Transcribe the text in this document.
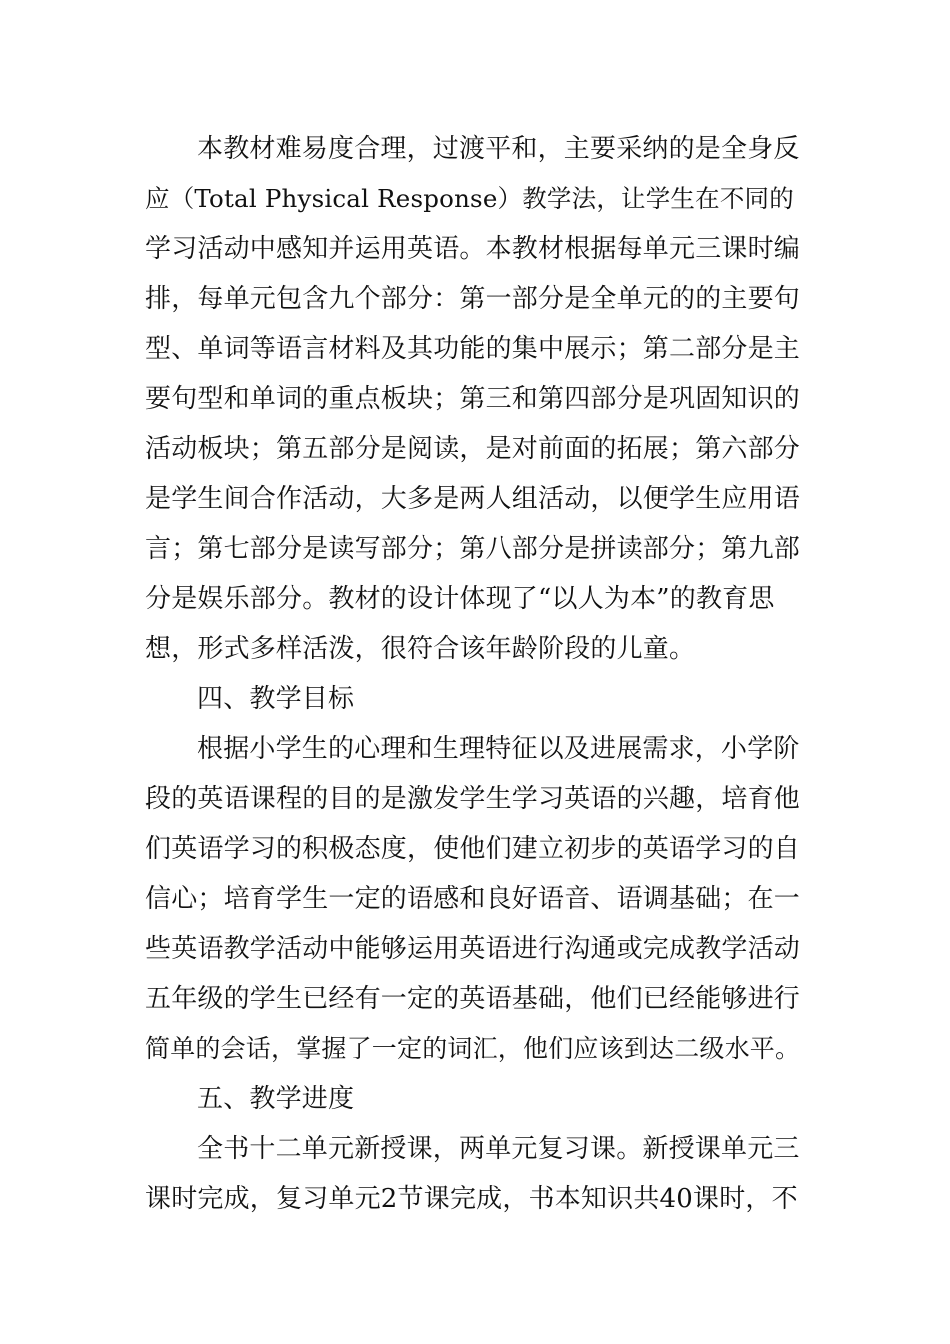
本教材难易度合理，过渡平和，主要采纳的是全身反
应（Total Physical Response）教学法，让学生在不同的
学习活动中感知并运用英语。本教材根据每单元三课时编
排，每单元包含九个部分：第一部分是全单元的的主要句
型、单词等语言材料及其功能的集中展示；第二部分是主
要句型和单词的重点板块；第三和第四部分是巩固知识的
活动板块；第五部分是阅读，是对前面的拓展；第六部分
是学生间合作活动，大多是两人组活动，以便学生应用语
言；第七部分是读写部分；第八部分是拼读部分；第九部
分是娱乐部分。教材的设计体现了“以人为本”的教育思
想，形式多样活泼，很符合该年龄阶段的儿童。
四、教学目标
根据小学生的心理和生理特征以及进展需求，小学阶
段的英语课程的目的是激发学生学习英语的兴趣，培育他
们英语学习的积极态度，使他们建立初步的英语学习的自
信心；培育学生一定的语感和良好语音、语调基础；在一
些英语教学活动中能够运用英语进行沟通或完成教学活动
五年级的学生已经有一定的英语基础，他们已经能够进行
简单的会话，掌握了一定的词汇，他们应该到达二级水平。
五、教学进度
全书十二单元新授课，两单元复习课。新授课单元三
课时完成，复习单元2节课完成，书本知识共40课时，不
